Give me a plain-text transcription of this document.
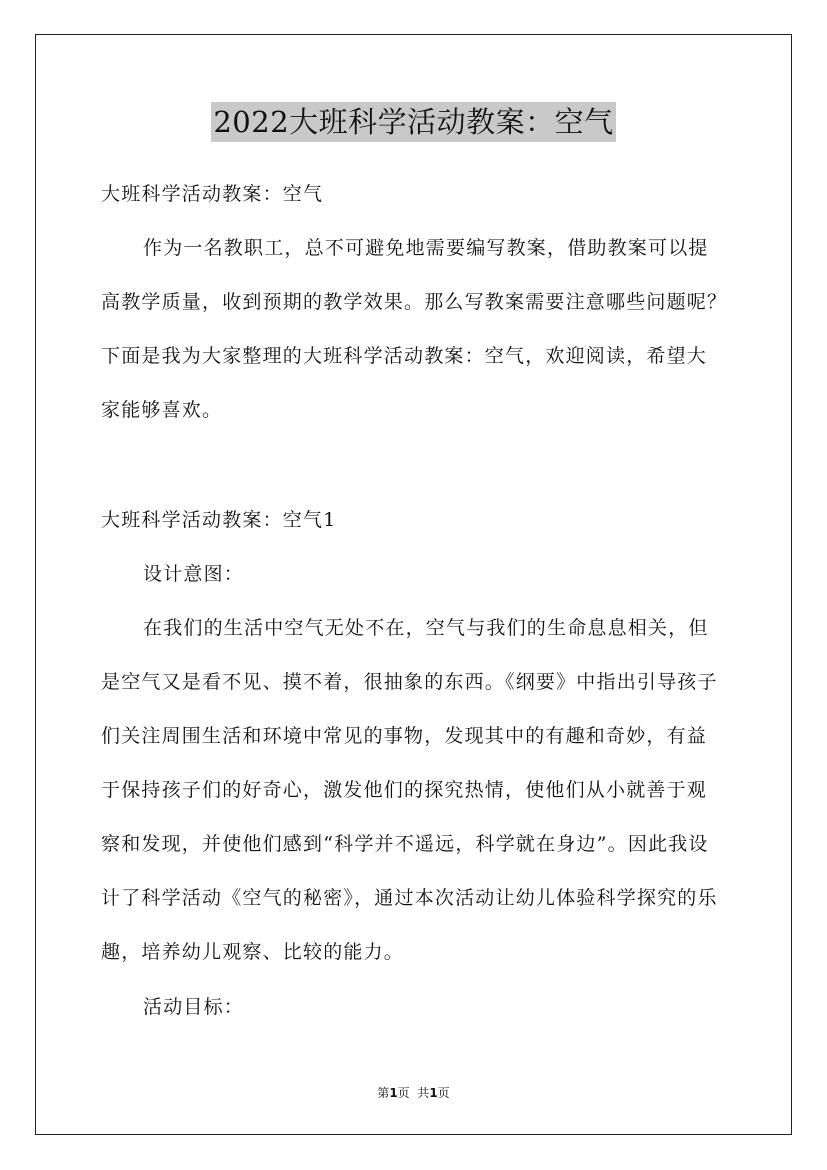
2022大班科学活动教案：空气
大班科学活动教案：空气
作为一名教职工，总不可避免地需要编写教案，借助教案可以提
高教学质量，收到预期的教学效果。那么写教案需要注意哪些问题呢？
下面是我为大家整理的大班科学活动教案：空气，欢迎阅读，希望大
家能够喜欢。
大班科学活动教案：空气1
设计意图：
在我们的生活中空气无处不在，空气与我们的生命息息相关，但
是空气又是看不见、摸不着，很抽象的东西。《纲要》中指出引导孩子
们关注周围生活和环境中常见的事物，发现其中的有趣和奇妙，有益
于保持孩子们的好奇心，激发他们的探究热情，使他们从小就善于观
察和发现，并使他们感到“科学并不遥远，科学就在身边”。因此我设
计了科学活动《空气的秘密》，通过本次活动让幼儿体验科学探究的乐
趣，培养幼儿观察、比较的能力。
活动目标：
第1页  共1页
